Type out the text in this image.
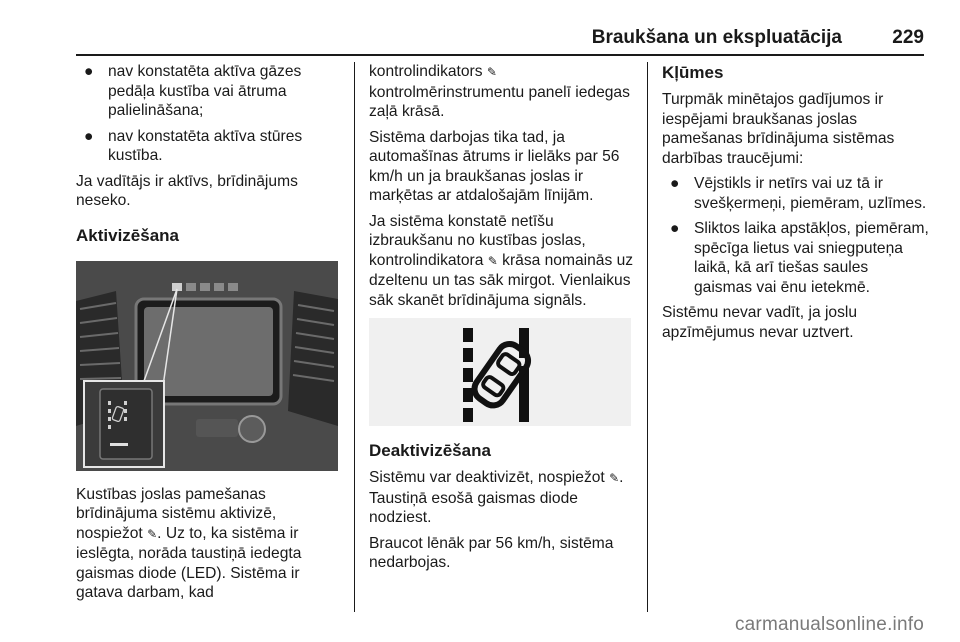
Braukšana un ekspluatācija	229
● nav konstatēta aktīva gāzes pedāļa kustība vai ātruma palielināšana;
● nav konstatēta aktīva stūres kustība.

Ja vadītājs ir aktīvs, brīdinājums neseko.

Aktivizēšana

Kustības joslas pamešanas brīdinājuma sistēmu aktivizē, nospiežot ✎. Uz to, ka sistēma ir ieslēgta, norāda taustiņā iedegta gaismas diode (LED). Sistēma ir gatava darbam, kad

kontrolindikators ✎ kontrolmērinstrumentu panelī iedegas zaļā krāsā.

Sistēma darbojas tika tad, ja automašīnas ātrums ir lielāks par 56 km/h un ja braukšanas joslas ir marķētas ar atdalošajām līnijām.

Ja sistēma konstatē netīšu izbraukšanu no kustības joslas, kontrolindikatora ✎ krāsa nomainās uz dzeltenu un tas sāk mirgot. Vienlaikus sāk skanēt brīdinājuma signāls.

Deaktivizēšana

Sistēmu var deaktivizēt, nospiežot ✎. Taustiņā esošā gaismas diode nodziest.

Braucot lēnāk par 56 km/h, sistēma nedarbojas.

Kļūmes

Turpmāk minētajos gadījumos ir iespējami braukšanas joslas pamešanas brīdinājuma sistēmas darbības traucējumi:

● Vējstikls ir netīrs vai uz tā ir svešķermeņi, piemēram, uzlīmes.
● Sliktos laika apstākļos, piemēram, spēcīga lietus vai sniegputeņa laikā, kā arī tiešas saules gaismas vai ēnu ietekmē.

Sistēmu nevar vadīt, ja joslu apzīmējumus nevar uztvert.

carmanualsonline.info
